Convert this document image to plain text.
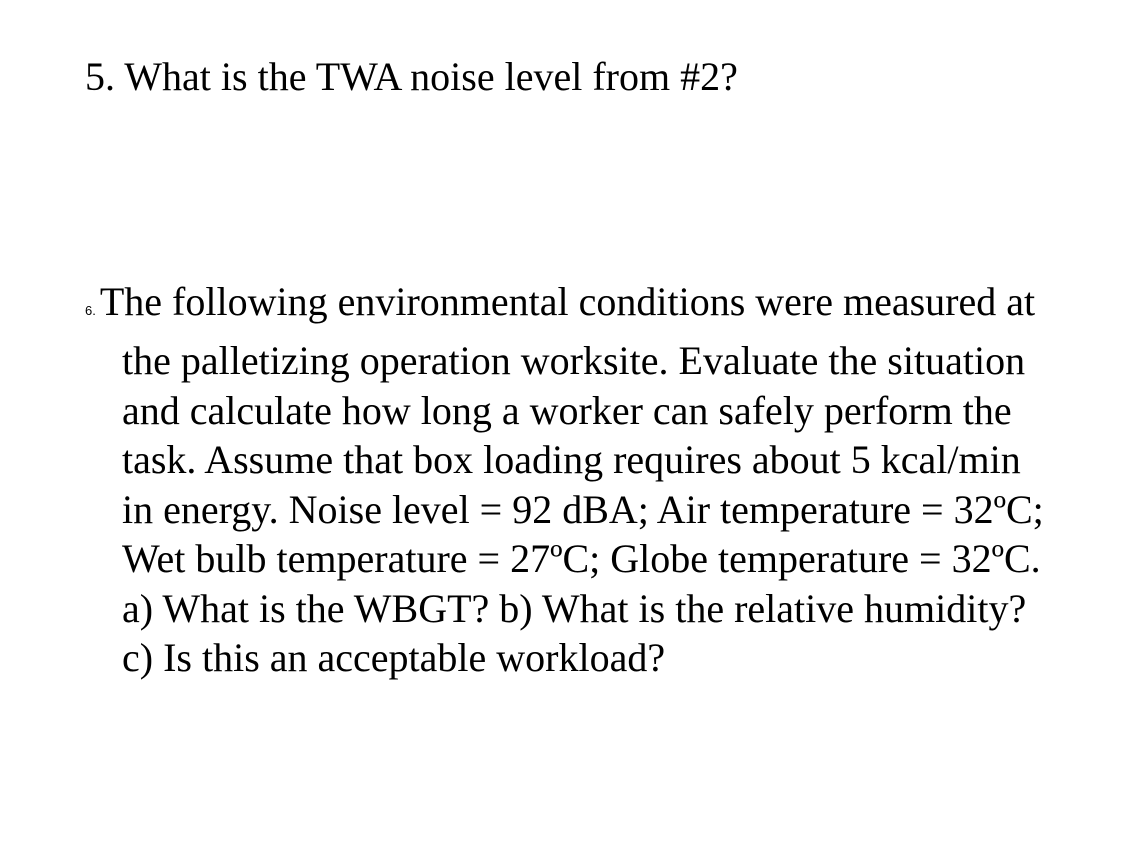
5. What is the TWA noise level from #2?

6. The following environmental conditions were measured at
the palletizing operation worksite. Evaluate the situation
and calculate how long a worker can safely perform the
task. Assume that box loading requires about 5 kcal/min
in energy. Noise level = 92 dBA; Air temperature = 32ºC;
Wet bulb temperature = 27ºC; Globe temperature = 32ºC.
a) What is the WBGT? b) What is the relative humidity?
c) Is this an acceptable workload?
